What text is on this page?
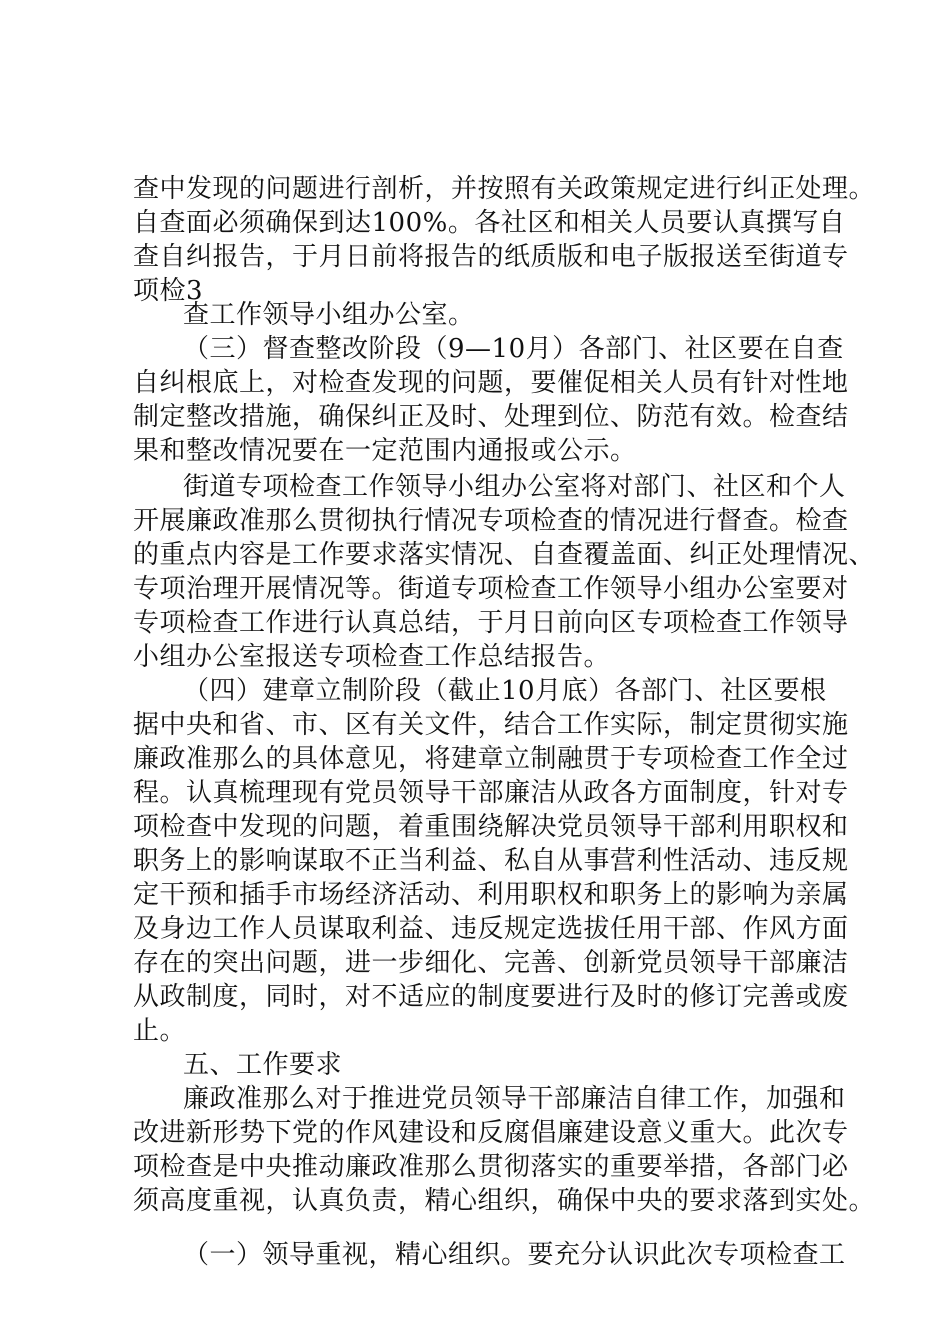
查中发现的问题进行剖析，并按照有关政策规定进行纠正处理。
自查面必须确保到达100%。各社区和相关人员要认真撰写自
查自纠报告，于月日前将报告的纸质版和电子版报送至街道专
项检3
查工作领导小组办公室。
（三）督查整改阶段（9—10月）各部门、社区要在自查
自纠根底上，对检查发现的问题，要催促相关人员有针对性地
制定整改措施，确保纠正及时、处理到位、防范有效。检查结
果和整改情况要在一定范围内通报或公示。
街道专项检查工作领导小组办公室将对部门、社区和个人
开展廉政准那么贯彻执行情况专项检查的情况进行督查。检查
的重点内容是工作要求落实情况、自查覆盖面、纠正处理情况、
专项治理开展情况等。街道专项检查工作领导小组办公室要对
专项检查工作进行认真总结，于月日前向区专项检查工作领导
小组办公室报送专项检查工作总结报告。
（四）建章立制阶段（截止10月底）各部门、社区要根
据中央和省、市、区有关文件，结合工作实际，制定贯彻实施
廉政准那么的具体意见，将建章立制融贯于专项检查工作全过
程。认真梳理现有党员领导干部廉洁从政各方面制度，针对专
项检查中发现的问题，着重围绕解决党员领导干部利用职权和
职务上的影响谋取不正当利益、私自从事营利性活动、违反规
定干预和插手市场经济活动、利用职权和职务上的影响为亲属
及身边工作人员谋取利益、违反规定选拔任用干部、作风方面
存在的突出问题，进一步细化、完善、创新党员领导干部廉洁
从政制度，同时，对不适应的制度要进行及时的修订完善或废
止。
五、工作要求
廉政准那么对于推进党员领导干部廉洁自律工作，加强和
改进新形势下党的作风建设和反腐倡廉建设意义重大。此次专
项检查是中央推动廉政准那么贯彻落实的重要举措，各部门必
须高度重视，认真负责，精心组织，确保中央的要求落到实处。
（一）领导重视，精心组织。要充分认识此次专项检查工
